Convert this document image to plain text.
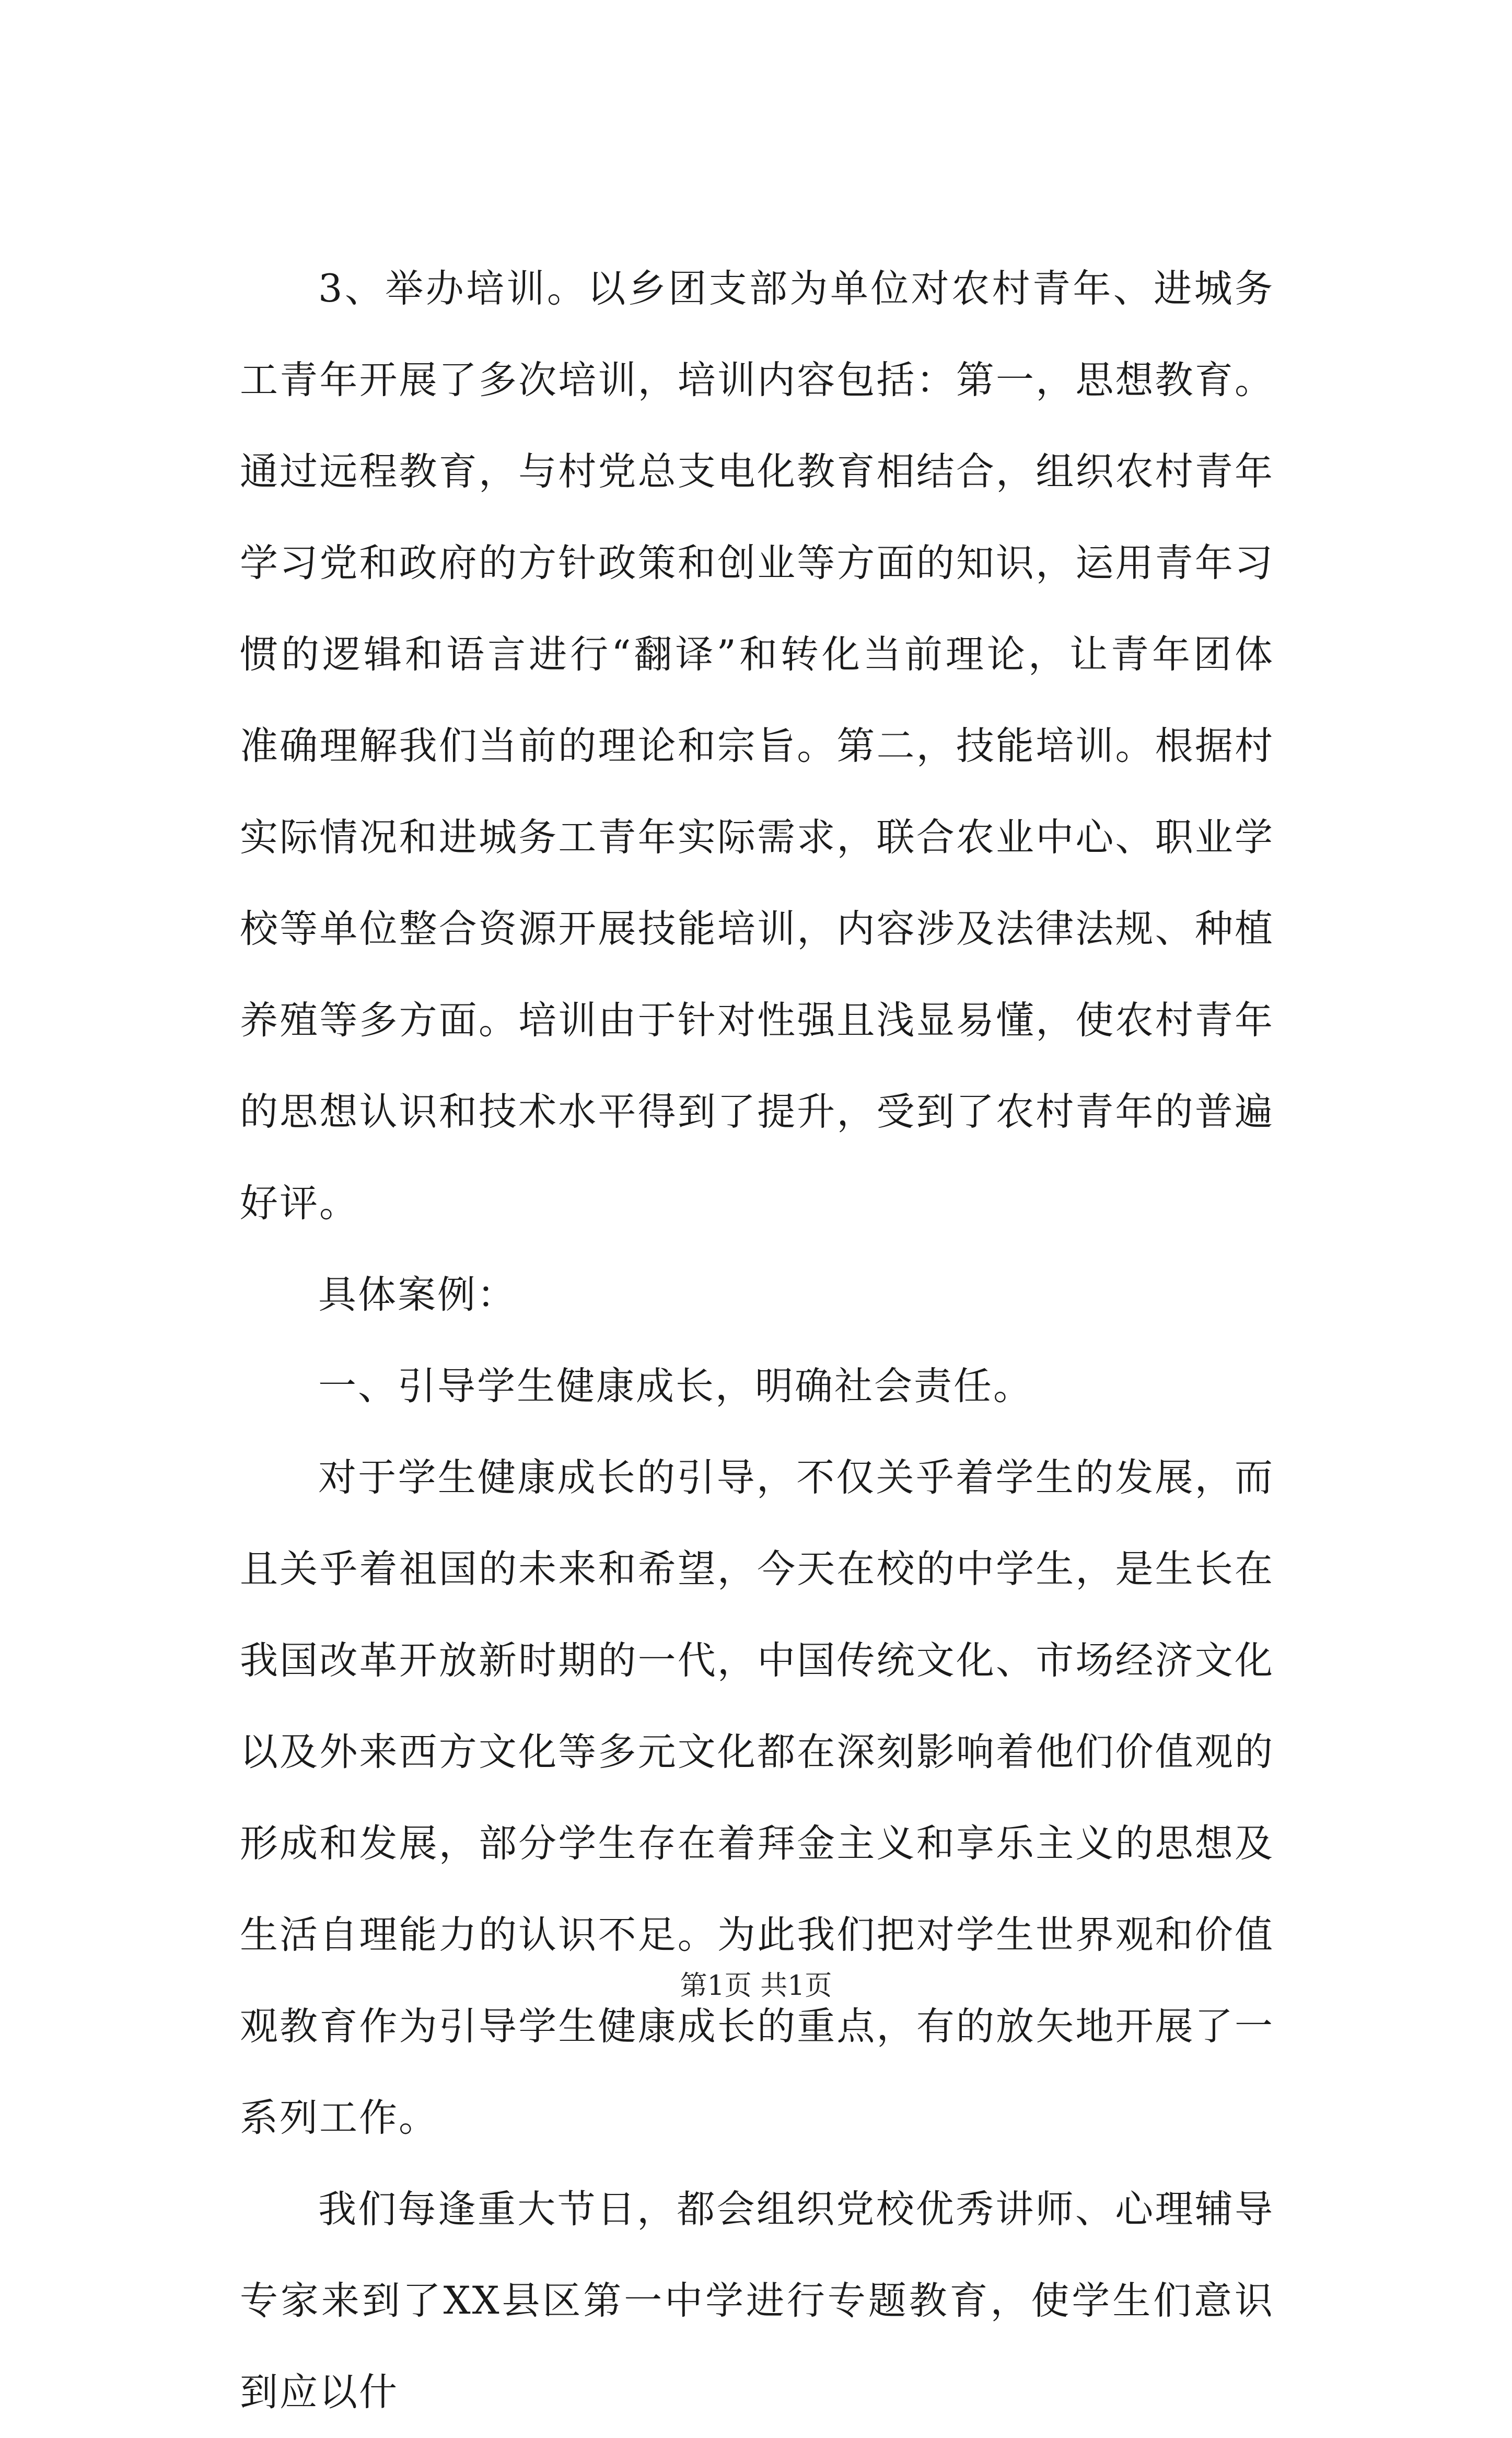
3、举办培训。以乡团支部为单位对农村青年、进城务工青年开展了多次培训，培训内容包括：第一，思想教育。通过远程教育，与村党总支电化教育相结合，组织农村青年学习党和政府的方针政策和创业等方面的知识，运用青年习惯的逻辑和语言进行“翻译”和转化当前理论，让青年团体准确理解我们当前的理论和宗旨。第二，技能培训。根据村实际情况和进城务工青年实际需求，联合农业中心、职业学校等单位整合资源开展技能培训，内容涉及法律法规、种植养殖等多方面。培训由于针对性强且浅显易懂，使农村青年的思想认识和技术水平得到了提升，受到了农村青年的普遍好评。

具体案例：

一、引导学生健康成长，明确社会责任。

对于学生健康成长的引导，不仅关乎着学生的发展，而且关乎着祖国的未来和希望，今天在校的中学生，是生长在我国改革开放新时期的一代，中国传统文化、市场经济文化以及外来西方文化等多元文化都在深刻影响着他们价值观的形成和发展，部分学生存在着拜金主义和享乐主义的思想及生活自理能力的认识不足。为此我们把对学生世界观和价值观教育作为引导学生健康成长的重点，有的放矢地开展了一系列工作。

我们每逢重大节日，都会组织党校优秀讲师、心理辅导专家来到了XX县区第一中学进行专题教育，使学生们意识到应以什

第1页 共1页
